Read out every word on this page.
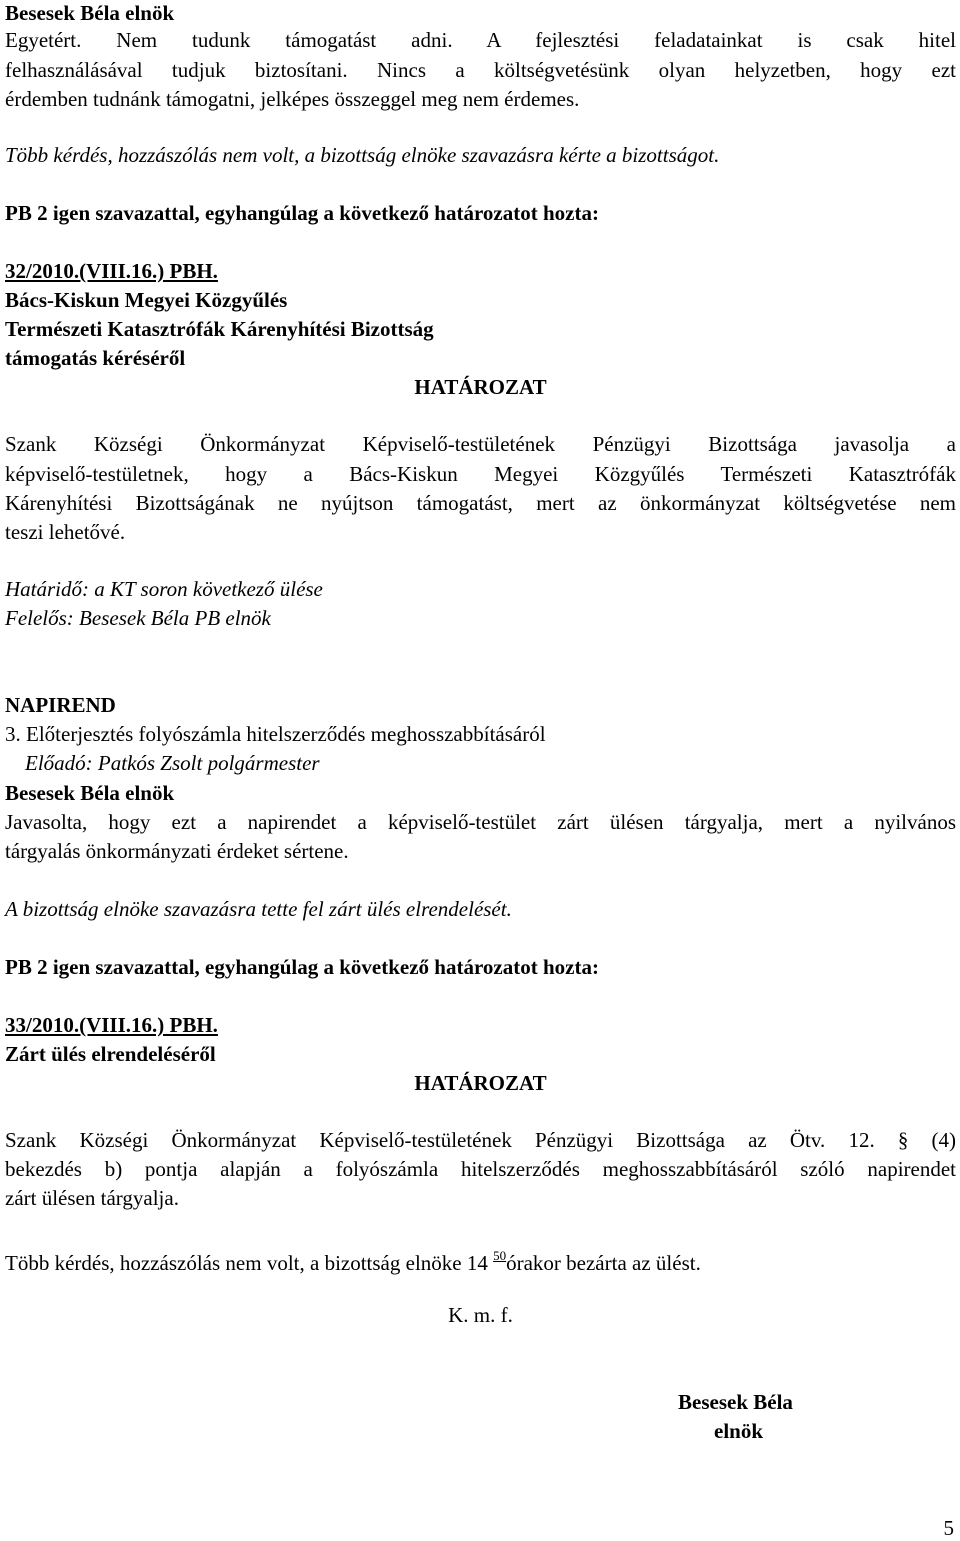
Besesek Béla elnök
Egyetért. Nem tudunk támogatást adni. A fejlesztési feladatainkat is csak hitel
felhasználásával tudjuk biztosítani. Nincs a költségvetésünk olyan helyzetben, hogy ezt
érdemben tudnánk támogatni, jelképes összeggel meg nem érdemes.
Több kérdés, hozzászólás nem volt, a bizottság elnöke szavazásra kérte a bizottságot.
PB 2 igen szavazattal, egyhangúlag a következő határozatot hozta:
32/2010.(VIII.16.) PBH.
Bács-Kiskun Megyei Közgyűlés
Természeti Katasztrófák Kárenyhítési Bizottság
támogatás kéréséről
HATÁROZAT
Szank Községi Önkormányzat Képviselő-testületének Pénzügyi Bizottsága javasolja a
képviselő-testületnek, hogy a Bács-Kiskun Megyei Közgyűlés Természeti Katasztrófák
Kárenyhítési Bizottságának ne nyújtson támogatást, mert az önkormányzat költségvetése nem
teszi lehetővé.
Határidő: a KT soron következő ülése
Felelős: Besesek Béla PB elnök
NAPIREND
3. Előterjesztés folyószámla hitelszerződés meghosszabbításáról
Előadó: Patkós Zsolt polgármester
Besesek Béla elnök
Javasolta, hogy ezt a napirendet a képviselő-testület zárt ülésen tárgyalja, mert a nyilvános
tárgyalás önkormányzati érdeket sértene.
A bizottság elnöke szavazásra tette fel zárt ülés elrendelését.
PB 2 igen szavazattal, egyhangúlag a következő határozatot hozta:
33/2010.(VIII.16.) PBH.
Zárt ülés elrendeléséről
HATÁROZAT
Szank Községi Önkormányzat Képviselő-testületének Pénzügyi Bizottsága az Ötv. 12. § (4)
bekezdés b) pontja alapján a folyószámla hitelszerződés meghosszabbításáról szóló napirendet
zárt ülésen tárgyalja.
Több kérdés, hozzászólás nem volt, a bizottság elnöke 14 $^{50}$órakor bezárta az ülést.
K. m. f.
Besesek Béla
elnök
5
